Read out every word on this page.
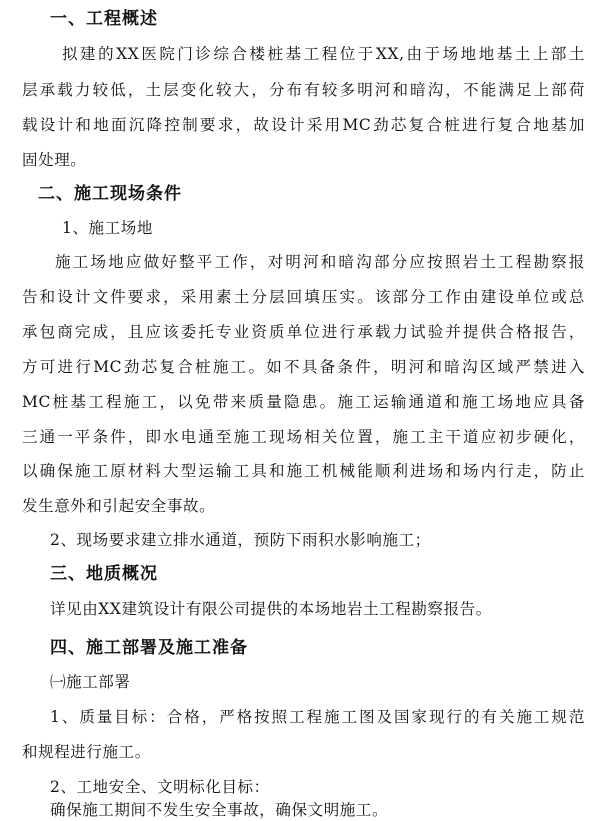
一、工程概述
拟建的XX医院门诊综合楼桩基工程位于XX,由于场地地基土上部土
层承载力较低，土层变化较大，分布有较多明河和暗沟，不能满足上部荷
载设计和地面沉降控制要求，故设计采用MC劲芯复合桩进行复合地基加
固处理。
二、施工现场条件
1、施工场地
施工场地应做好整平工作，对明河和暗沟部分应按照岩土工程勘察报
告和设计文件要求，采用素土分层回填压实。该部分工作由建设单位或总
承包商完成，且应该委托专业资质单位进行承载力试验并提供合格报告，
方可进行MC劲芯复合桩施工。如不具备条件，明河和暗沟区域严禁进入
MC桩基工程施工，以免带来质量隐患。施工运输通道和施工场地应具备
三通一平条件，即水电通至施工现场相关位置，施工主干道应初步硬化，
以确保施工原材料大型运输工具和施工机械能顺利进场和场内行走，防止
发生意外和引起安全事故。
2、现场要求建立排水通道，预防下雨积水影响施工；
三、地质概况
详见由XX建筑设计有限公司提供的本场地岩土工程勘察报告。
四、施工部署及施工准备
㈠施工部署
1、质量目标：合格，严格按照工程施工图及国家现行的有关施工规范
和规程进行施工。
2、工地安全、文明标化目标：
确保施工期间不发生安全事故，确保文明施工。
